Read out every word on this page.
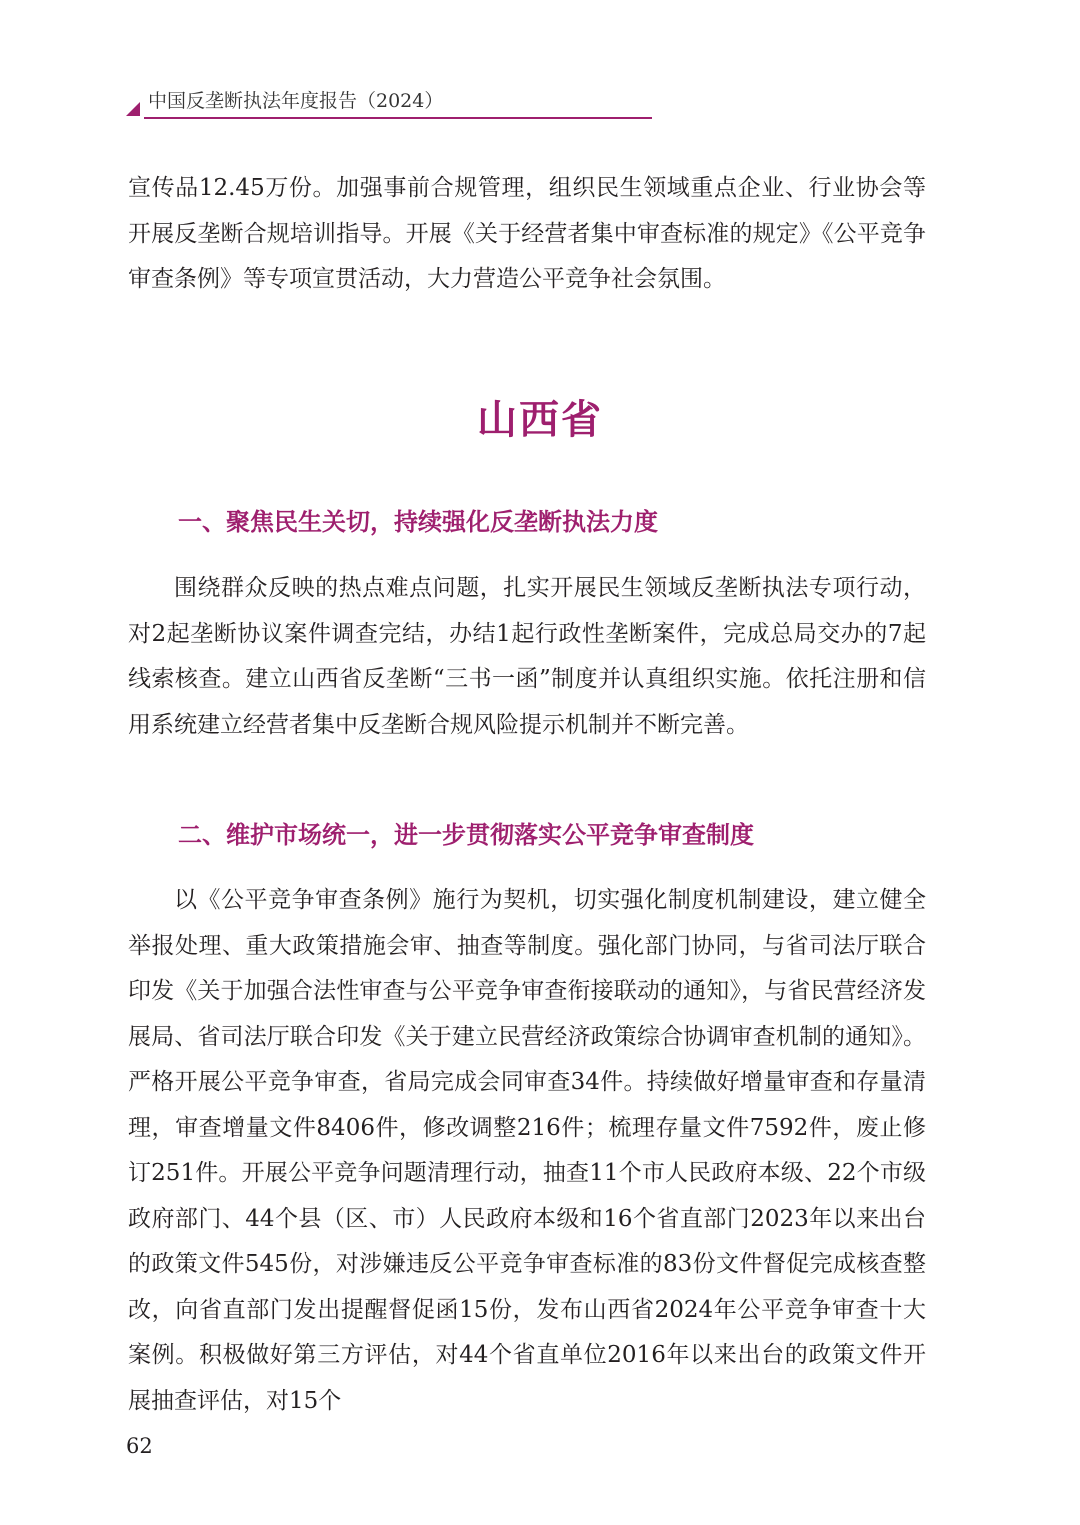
中国反垄断执法年度报告（2024）

宣传品12.45万份。加强事前合规管理，组织民生领域重点企业、行业协会等开展反垄断合规培训指导。开展《关于经营者集中审查标准的规定》《公平竞争审查条例》等专项宣贯活动，大力营造公平竞争社会氛围。

山西省
一、聚焦民生关切，持续强化反垄断执法力度

围绕群众反映的热点难点问题，扎实开展民生领域反垄断执法专项行动，对2起垄断协议案件调查完结，办结1起行政性垄断案件，完成总局交办的7起线索核查。建立山西省反垄断“三书一函”制度并认真组织实施。依托注册和信用系统建立经营者集中反垄断合规风险提示机制并不断完善。

二、维护市场统一，进一步贯彻落实公平竞争审查制度

以《公平竞争审查条例》施行为契机，切实强化制度机制建设，建立健全举报处理、重大政策措施会审、抽查等制度。强化部门协同，与省司法厅联合印发《关于加强合法性审查与公平竞争审查衔接联动的通知》，与省民营经济发展局、省司法厅联合印发《关于建立民营经济政策综合协调审查机制的通知》。严格开展公平竞争审查，省局完成会同审查34件。持续做好增量审查和存量清理，审查增量文件8406件，修改调整216件；梳理存量文件7592件，废止修订251件。开展公平竞争问题清理行动，抽查11个市人民政府本级、22个市级政府部门、44个县（区、市）人民政府本级和16个省直部门2023年以来出台的政策文件545份，对涉嫌违反公平竞争审查标准的83份文件督促完成核查整改，向省直部门发出提醒督促函15份，发布山西省2024年公平竞争审查十大案例。积极做好第三方评估，对44个省直单位2016年以来出台的政策文件开展抽查评估，对15个

62
